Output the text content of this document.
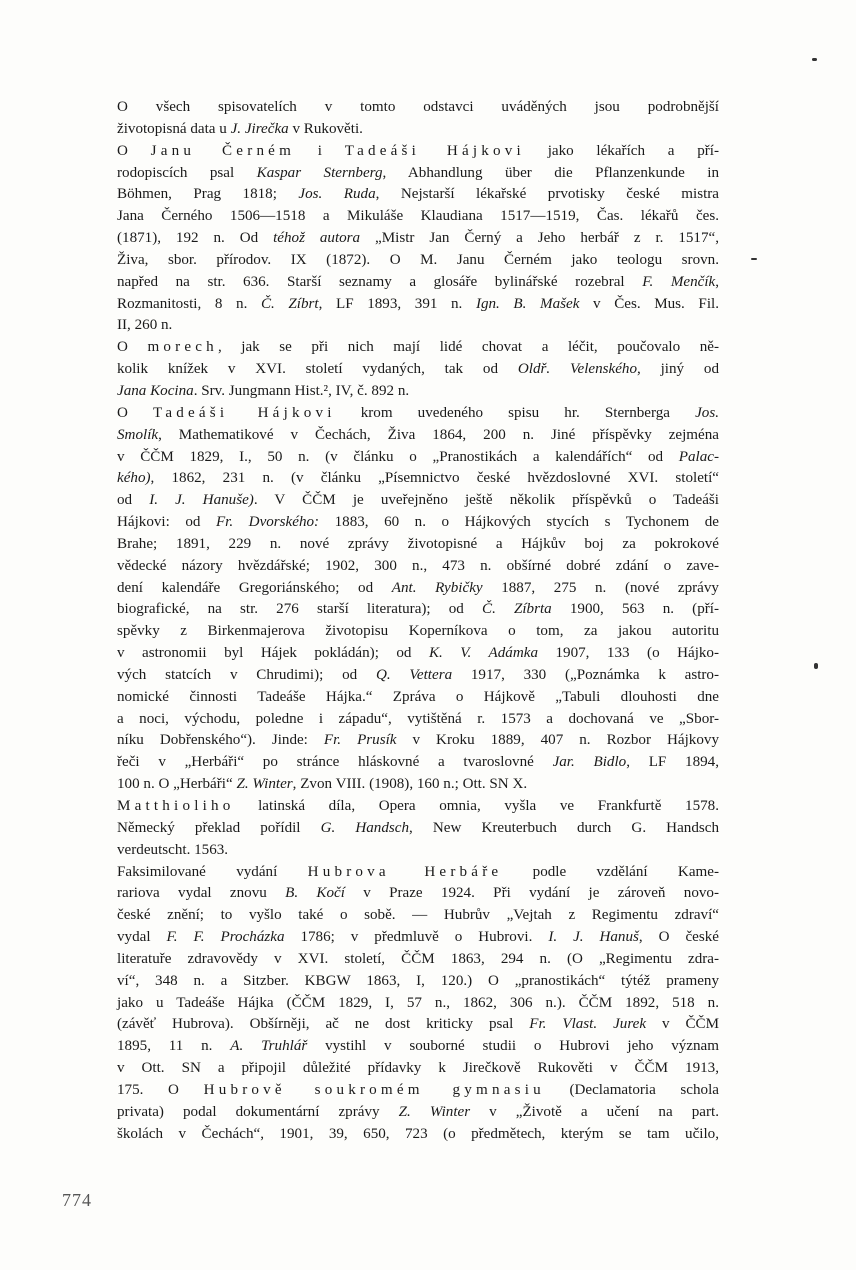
O všech spisovatelích v tomto odstavci uváděných jsou podrobnější
životopisná data u J. Jirečka v Rukověti.
O Janu Černém i Tadeáši Hájkovi jako lékařích a pří-
rodopiscích psal Kaspar Sternberg, Abhandlung über die Pflanzenkunde in
Böhmen, Prag 1818; Jos. Ruda, Nejstarší lékařské prvotisky české mistra
Jana Černého 1506—1518 a Mikuláše Klaudiana 1517—1519, Čas. lékařů čes.
(1871), 192 n. Od téhož autora „Mistr Jan Černý a Jeho herbář z r. 1517“,
Živa, sbor. přírodov. IX (1872). O M. Janu Černém jako teologu srovn.
napřed na str. 636. Starší seznamy a glosáře bylinářské rozebral F. Menčík,
Rozmanitosti, 8 n. Č. Zíbrt, LF 1893, 391 n. Ign. B. Mašek v Čes. Mus. Fil.
II, 260 n.
O morech, jak se při nich mají lidé chovat a léčit, poučovalo ně-
kolik knížek v XVI. století vydaných, tak od Oldř. Velenského, jiný od
Jana Kocina. Srv. Jungmann Hist.², IV, č. 892 n.
O Tadeáši Hájkovi krom uvedeného spisu hr. Sternberga Jos.
Smolík, Mathematikové v Čechách, Živa 1864, 200 n. Jiné příspěvky zejména
v ČČM 1829, I., 50 n. (v článku o „Pranostikách a kalendářích“ od Palac-
kého), 1862, 231 n. (v článku „Písemnictvo české hvězdoslovné XVI. století“
od I. J. Hanuše). V ČČM je uveřejněno ještě několik příspěvků o Tadeáši
Hájkovi: od Fr. Dvorského: 1883, 60 n. o Hájkových stycích s Tychonem de
Brahe; 1891, 229 n. nové zprávy životopisné a Hájkův boj za pokrokové
vědecké názory hvězdářské; 1902, 300 n., 473 n. obšírné dobré zdání o zave-
dení kalendáře Gregoriánského; od Ant. Rybičky 1887, 275 n. (nové zprávy
biografické, na str. 276 starší literatura); od Č. Zíbrta 1900, 563 n. (pří-
spěvky z Birkenmajerova životopisu Koperníkova o tom, za jakou autoritu
v astronomii byl Hájek pokládán); od K. V. Adámka 1907, 133 (o Hájko-
vých statcích v Chrudimi); od Q. Vettera 1917, 330 („Poznámka k astro-
nomické činnosti Tadeáše Hájka.“ Zpráva o Hájkově „Tabuli dlouhosti dne
a noci, východu, poledne i západu“, vytištěná r. 1573 a dochovaná ve „Sbor-
níku Dobřenského“). Jinde: Fr. Prusík v Kroku 1889, 407 n. Rozbor Hájkovy
řeči v „Herbáři“ po stránce hláskovné a tvaroslovné Jar. Bidlo, LF 1894,
100 n. O „Herbáři“ Z. Winter, Zvon VIII. (1908), 160 n.; Ott. SN X.
Matthioliho latinská díla, Opera omnia, vyšla ve Frankfurtě 1578.
Německý překlad pořídil G. Handsch, New Kreuterbuch durch G. Handsch
verdeutscht. 1563.
Faksimilované vydání Hubrova Herbáře podle vzdělání Kame-
rariova vydal znovu B. Kočí v Praze 1924. Při vydání je zároveň novo-
české znění; to vyšlo také o sobě. — Hubrův „Vejtah z Regimentu zdraví“
vydal F. F. Procházka 1786; v předmluvě o Hubrovi. I. J. Hanuš, O české
literatuře zdravovědy v XVI. století, ČČM 1863, 294 n. (O „Regimentu zdra-
ví“, 348 n. a Sitzber. KBGW 1863, I, 120.) O „pranostikách“ týtéž prameny
jako u Tadeáše Hájka (ČČM 1829, I, 57 n., 1862, 306 n.). ČČM 1892, 518 n.
(závěť Hubrova). Obšírněji, ač ne dost kriticky psal Fr. Vlast. Jurek v ČČM
1895, 11 n. A. Truhlář vystihl v souborné studii o Hubrovi jeho význam
v Ott. SN a připojil důležité přídavky k Jirečkově Rukověti v ČČM 1913,
175. O Hubrově soukromém gymnasiu (Declamatoria schola
privata) podal dokumentární zprávy Z. Winter v „Životě a učení na part.
školách v Čechách“, 1901, 39, 650, 723 (o předmětech, kterým se tam učilo,
774
